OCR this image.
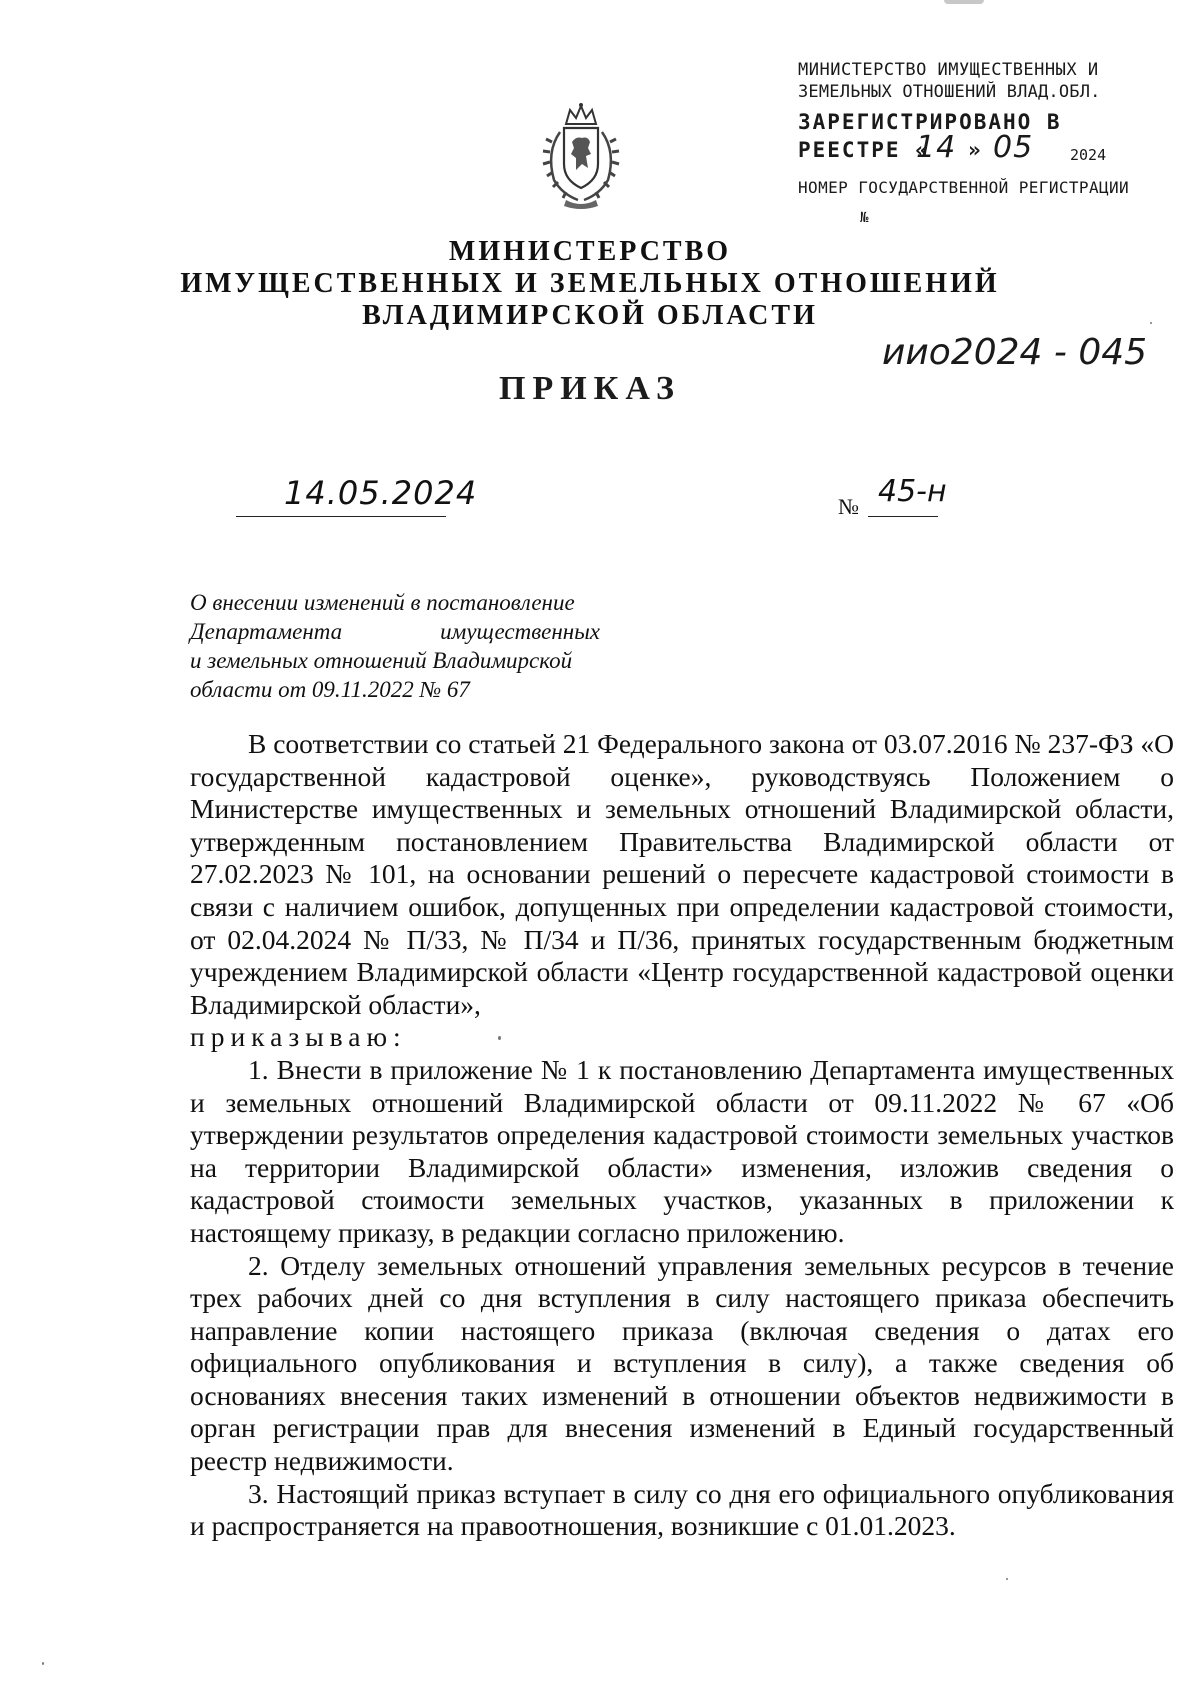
МИНИСТЕРСТВО ИМУЩЕСТВЕННЫХ И
ЗЕМЕЛЬНЫХ ОТНОШЕНИЙ ВЛАД.ОБЛ.
ЗАРЕГИСТРИРОВАНО В
РЕЕСТРЕ «
14 » 05 2024
НОМЕР ГОСУДАРСТВЕННОЙ РЕГИСТРАЦИИ
№
иио2024 - 045
МИНИСТЕРСТВО
ИМУЩЕСТВЕННЫХ И ЗЕМЕЛЬНЫХ ОТНОШЕНИЙ
ВЛАДИМИРСКОЙ ОБЛАСТИ
ПРИКАЗ
14.05.2024	№ 45-н
О внесении изменений в постановление
Департамента имущественных
и земельных отношений Владимирской
области от 09.11.2022 № 67

В соответствии со статьей 21 Федерального закона от 03.07.2016 № 237-ФЗ «О государственной кадастровой оценке», руководствуясь Положением о Министерстве имущественных и земельных отношений Владимирской области, утвержденным постановлением Правительства Владимирской области от 27.02.2023 № 101, на основании решений о пересчете кадастровой стоимости в связи с наличием ошибок, допущенных при определении кадастровой стоимости, от 02.04.2024 № П/33, № П/34 и П/36, принятых государственным бюджетным учреждением Владимирской области «Центр государственной кадастровой оценки Владимирской области»,

приказываю:

1. Внести в приложение № 1 к постановлению Департамента имущественных и земельных отношений Владимирской области от 09.11.2022 № 67 «Об утверждении результатов определения кадастровой стоимости земельных участков на территории Владимирской области» изменения, изложив сведения о кадастровой стоимости земельных участков, указанных в приложении к настоящему приказу, в редакции согласно приложению.

2. Отделу земельных отношений управления земельных ресурсов в течение трех рабочих дней со дня вступления в силу настоящего приказа обеспечить направление копии настоящего приказа (включая сведения о датах его официального опубликования и вступления в силу), а также сведения об основаниях внесения таких изменений в отношении объектов недвижимости в орган регистрации прав для внесения изменений в Единый государственный реестр недвижимости.

3. Настоящий приказ вступает в силу со дня его официального опубликования и распространяется на правоотношения, возникшие с 01.01.2023.
